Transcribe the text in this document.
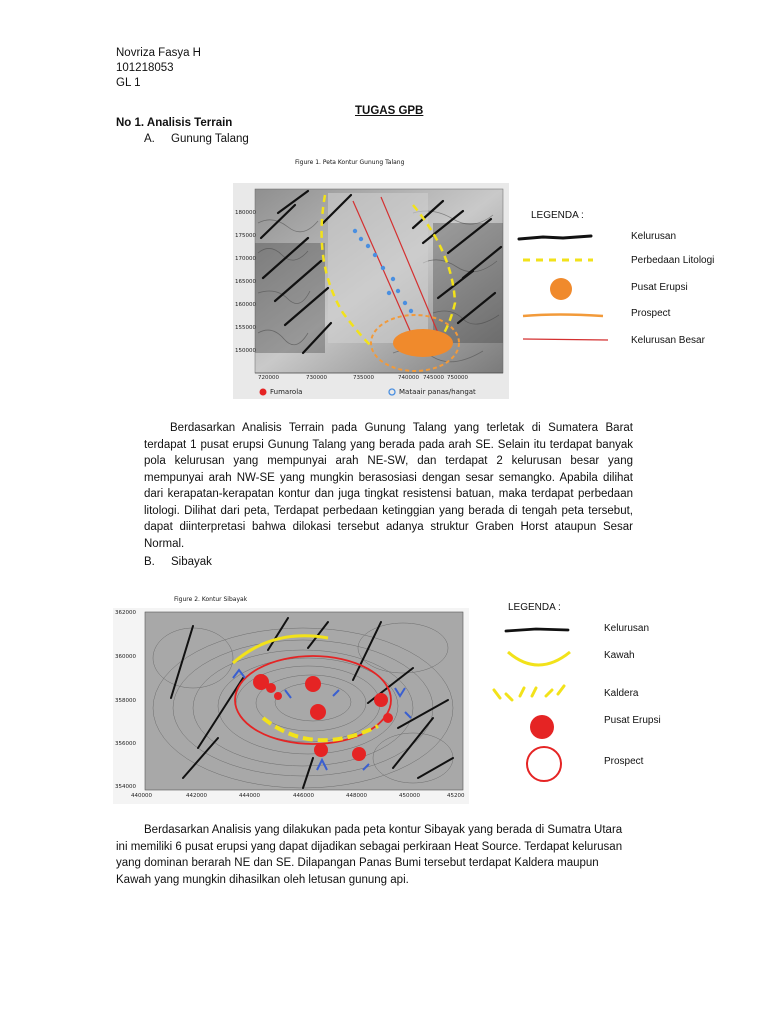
Novriza Fasya H
101218053
GL 1
TUGAS GPB
No 1. Analisis Terrain
A. Gunung Talang
Figure 1. Peta Kontur Gunung Talang
180000
175000
170000
165000
160000
155000
150000
720000	730000	735000	740000 745000 750000
Fumarola	Mataair panas/hangat
LEGENDA :
Kelurusan
Perbedaan Litologi
Pusat Erupsi
Prospect
Kelurusan Besar
Berdasarkan Analisis Terrain pada Gunung Talang yang terletak di Sumatera Barat terdapat 1 pusat erupsi Gunung Talang yang berada pada arah SE. Selain itu terdapat banyak pola kelurusan yang mempunyai arah NE-SW, dan terdapat 2 kelurusan besar yang mempunyai arah NW-SE yang mungkin berasosiasi dengan sesar semangko. Apabila dilihat dari kerapatan-kerapatan kontur dan juga tingkat resistensi batuan, maka terdapat perbedaan litologi. Dilihat dari peta, Terdapat perbedaan ketinggian yang berada di tengah peta tersebut, dapat diinterpretasi bahwa dilokasi tersebut adanya struktur Graben Horst ataupun Sesar Normal.
B. Sibayak
Figure 2. Kontur Sibayak
362000
360000
358000
356000
354000
440000	442000	444000	446000	448000	450000	45200
LEGENDA :
Kelurusan
Kawah
Kaldera
Pusat Erupsi
Prospect
Berdasarkan Analisis yang dilakukan pada peta kontur Sibayak yang berada di Sumatra Utara ini memiliki 6 pusat erupsi yang dapat dijadikan sebagai perkiraan Heat Source. Terdapat kelurusan yang dominan berarah NE dan SE. Dilapangan Panas Bumi tersebut terdapat Kaldera maupun Kawah yang mungkin dihasilkan oleh letusan gunung api.
